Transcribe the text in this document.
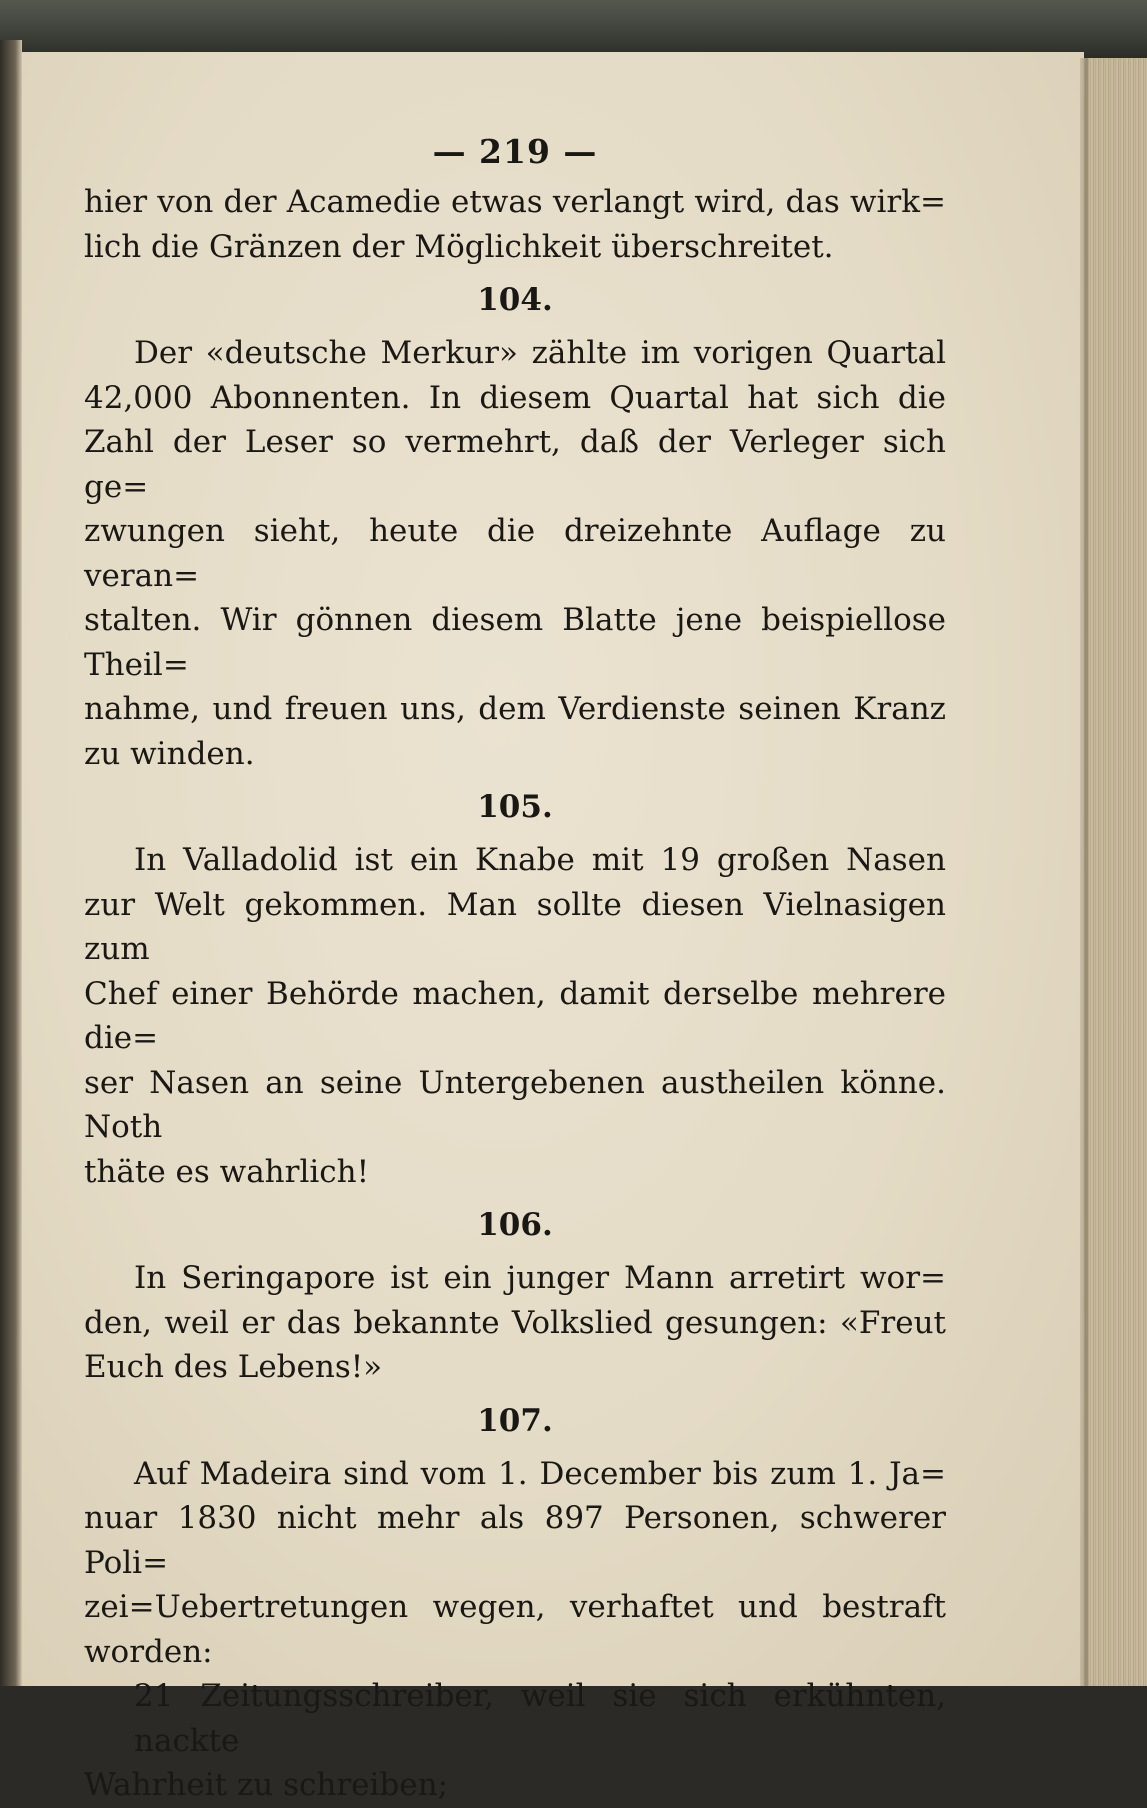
— 219 —
hier von der Acamedie etwas verlangt wird, das wirk=
lich die Gränzen der Möglichkeit überschreitet.
104.
Der «deutsche Merkur» zählte im vorigen Quartal
42,000 Abonnenten. In diesem Quartal hat sich die
Zahl der Leser so vermehrt, daß der Verleger sich ge=
zwungen sieht, heute die dreizehnte Auflage zu veran=
stalten. Wir gönnen diesem Blatte jene beispiellose Theil=
nahme, und freuen uns, dem Verdienste seinen Kranz
zu winden.
105.
In Valladolid ist ein Knabe mit 19 großen Nasen
zur Welt gekommen. Man sollte diesen Vielnasigen zum
Chef einer Behörde machen, damit derselbe mehrere die=
ser Nasen an seine Untergebenen austheilen könne. Noth
thäte es wahrlich!
106.
In Seringapore ist ein junger Mann arretirt wor=
den, weil er das bekannte Volkslied gesungen: «Freut
Euch des Lebens!»
107.
Auf Madeira sind vom 1. December bis zum 1. Ja=
nuar 1830 nicht mehr als 897 Personen, schwerer Poli=
zei=Uebertretungen wegen, verhaftet und bestraft worden:
21 Zeitungsschreiber, weil sie sich erkühnten, nackte
Wahrheit zu schreiben;
